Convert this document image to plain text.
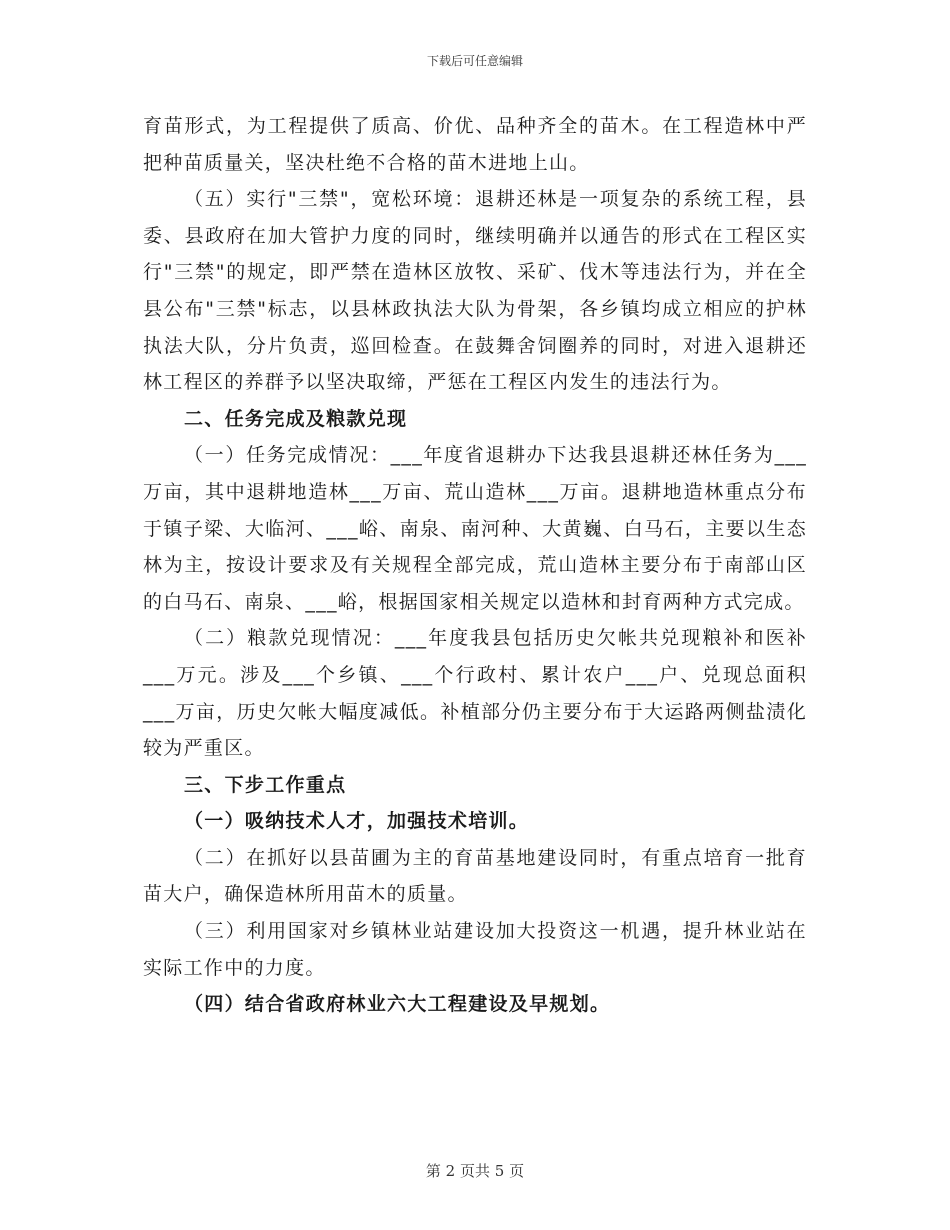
下载后可任意编辑

育苗形式，为工程提供了质高、价优、品种齐全的苗木。在工程造林中严把种苗质量关，坚决杜绝不合格的苗木进地上山。

（五）实行"三禁"，宽松环境：退耕还林是一项复杂的系统工程，县委、县政府在加大管护力度的同时，继续明确并以通告的形式在工程区实行"三禁"的规定，即严禁在造林区放牧、采矿、伐木等违法行为，并在全县公布"三禁"标志，以县林政执法大队为骨架，各乡镇均成立相应的护林执法大队，分片负责，巡回检查。在鼓舞舍饲圈养的同时，对进入退耕还林工程区的养群予以坚决取缔，严惩在工程区内发生的违法行为。

二、任务完成及粮款兑现

（一）任务完成情况：___年度省退耕办下达我县退耕还林任务为___万亩，其中退耕地造林___万亩、荒山造林___万亩。退耕地造林重点分布于镇子梁、大临河、___峪、南泉、南河种、大黄巍、白马石，主要以生态林为主，按设计要求及有关规程全部完成，荒山造林主要分布于南部山区的白马石、南泉、___峪，根据国家相关规定以造林和封育两种方式完成。

（二）粮款兑现情况：___年度我县包括历史欠帐共兑现粮补和医补___万元。涉及___个乡镇、___个行政村、累计农户___户、兑现总面积___万亩，历史欠帐大幅度减低。补植部分仍主要分布于大运路两侧盐渍化较为严重区。

三、下步工作重点

（一）吸纳技术人才，加强技术培训。

（二）在抓好以县苗圃为主的育苗基地建设同时，有重点培育一批育苗大户，确保造林所用苗木的质量。

（三）利用国家对乡镇林业站建设加大投资这一机遇，提升林业站在实际工作中的力度。

（四）结合省政府林业六大工程建设及早规划。

第 2 页共 5 页
